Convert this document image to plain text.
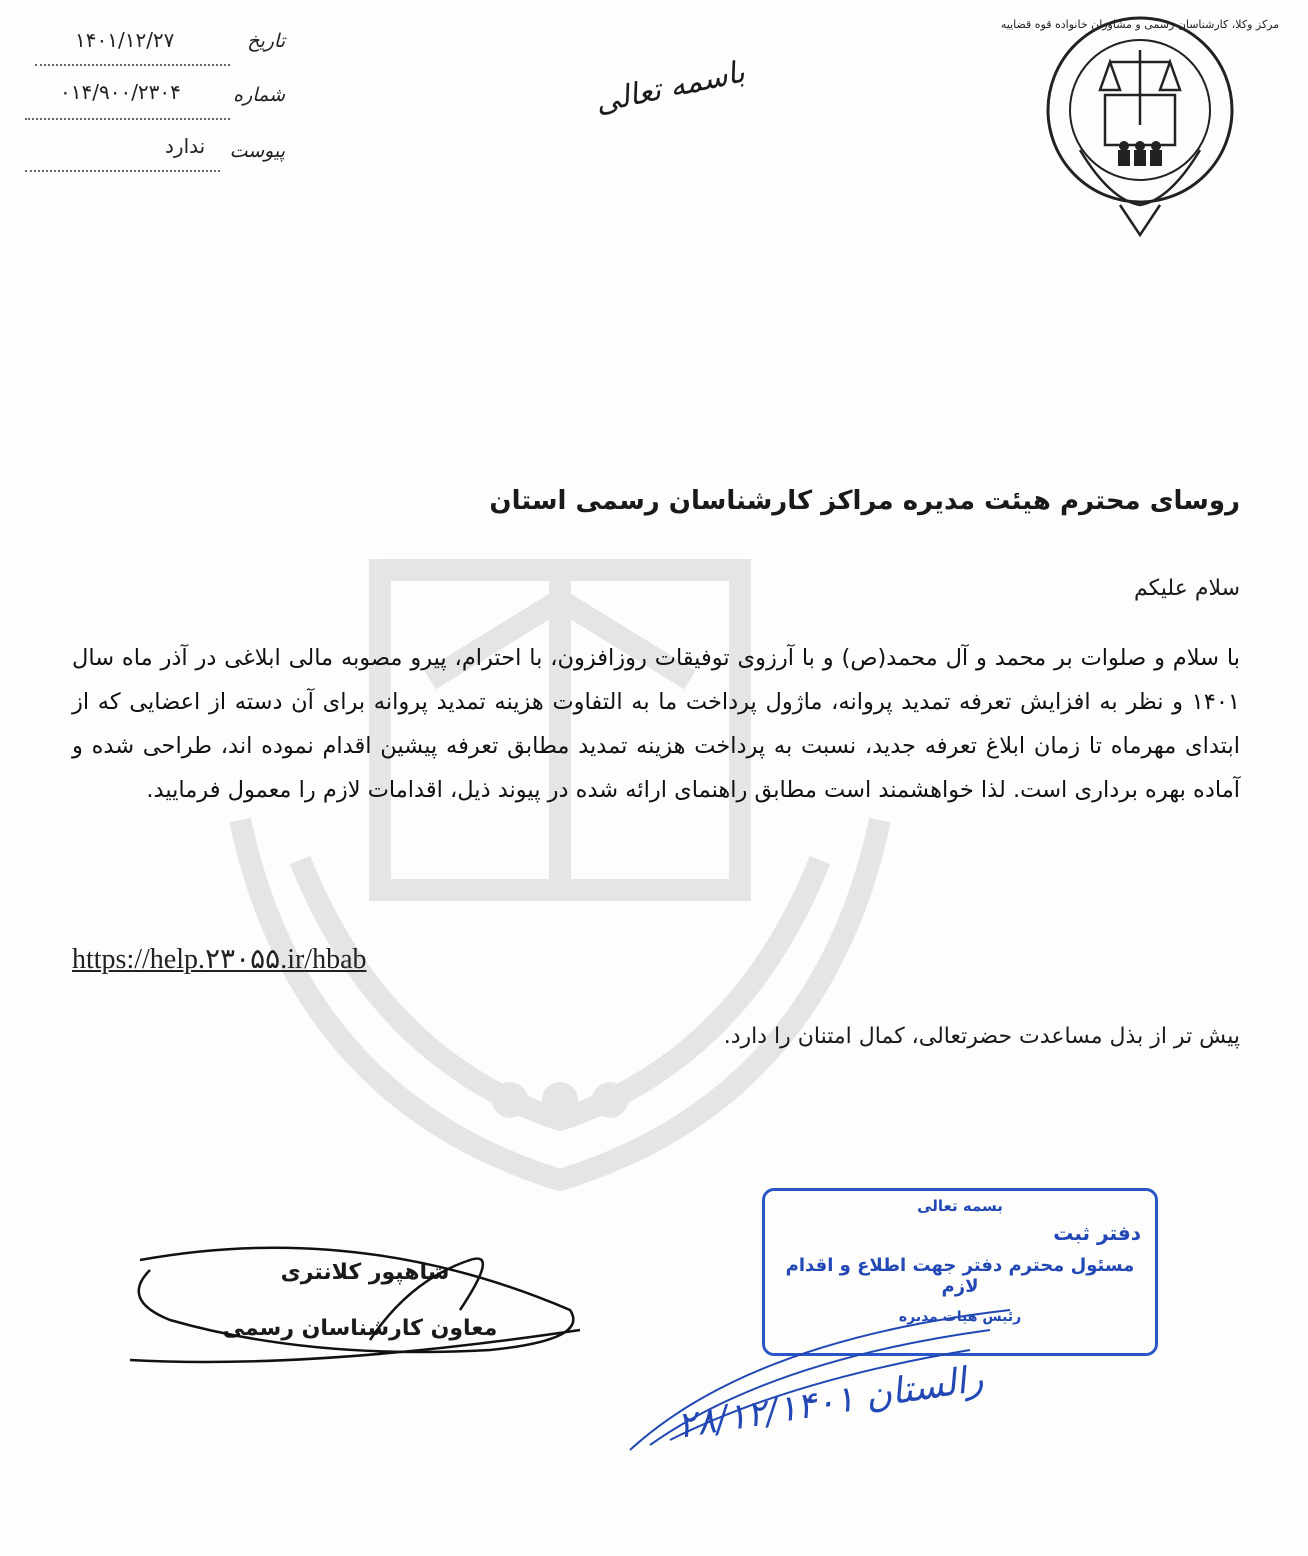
مرکز وکلا، کارشناسان رسمی و مشاوران خانواده قوه قضاییه
باسمه تعالی
تاریخ
۱۴۰۱/۱۲/۲۷
شماره
۰۱۴/۹۰۰/۲۳۰۴
پیوست
ندارد
روسای محترم هیئت مدیره مراکز کارشناسان رسمی استان
سلام علیکم
با سلام و صلوات بر محمد و آل محمد(ص) و با آرزوی توفیقات روزافزون، با احترام، پیرو مصوبه مالی ابلاغی در آذر ماه سال ۱۴۰۱ و نظر به افزایش تعرفه تمدید پروانه، ماژول پرداخت ما به التفاوت هزینه تمدید پروانه برای آن دسته از اعضایی که از ابتدای مهرماه تا زمان ابلاغ تعرفه جدید، نسبت به پرداخت هزینه تمدید مطابق تعرفه پیشین اقدام نموده اند، طراحی شده و آماده بهره برداری است. لذا خواهشمند است مطابق راهنمای ارائه شده در پیوند ذیل، اقدامات لازم را معمول فرمایید.
https://help.۲۳۰۵۵.ir/hbab
پیش تر از بذل مساعدت حضرتعالی، کمال امتنان را دارد.
شاهپور کلانتری
معاون کارشناسان رسمی
بسمه تعالی
دفتر ثبت
مسئول محترم دفتر جهت اطلاع و اقدام لازم
رئیس هیات مدیره
رالستان ۲۸/۱۲/۱۴۰۱
